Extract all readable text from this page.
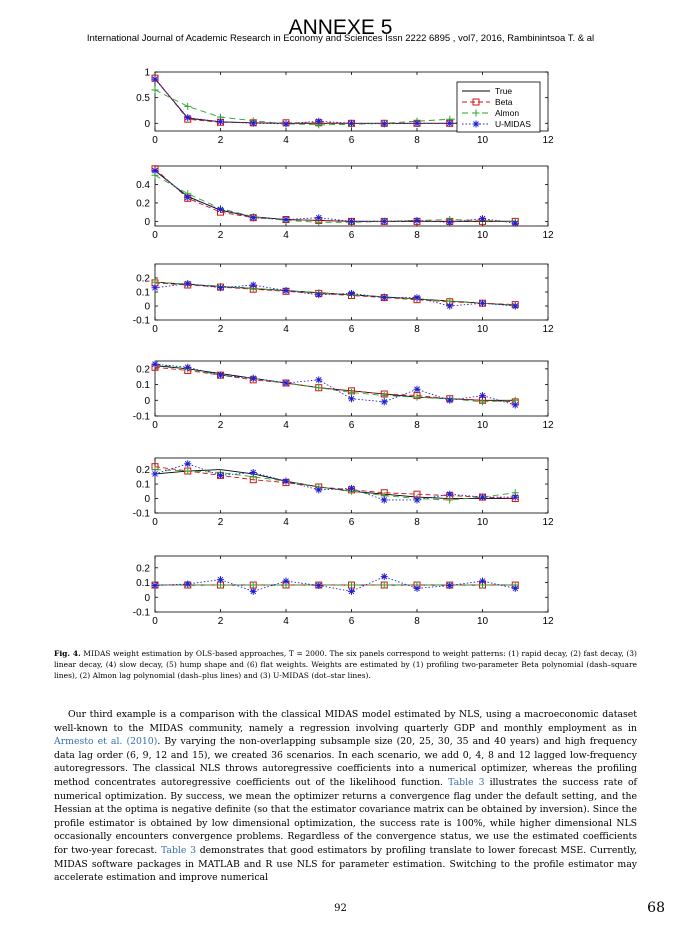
ANNEXE 5
International Journal of Academic Research in Economy and Sciences Issn 2222 6895 , vol7, 2016, Rambinintsoa T. & al
0	2	4	6	8	10	12
0
0.5
1
True
Beta
Almon
U-MIDAS
0	2	4	6	8	10	12
0
0.2
0.4
0	2	4	6	8	10	12
-0.1
0
0.1
0.2
0	2	4	6	8	10	12
-0.1
0
0.1
0.2
0	2	4	6	8	10	12
-0.1
0
0.1
0.2
0	2	4	6	8	10	12
-0.1
0
0.1
0.2
Fig. 4. MIDAS weight estimation by OLS-based approaches, T = 2000. The six panels correspond to weight patterns: (1) rapid decay, (2) fast decay, (3) linear decay, (4) slow decay, (5) hump shape and (6) flat weights. Weights are estimated by (1) profiling two-parameter Beta polynomial (dash–square lines), (2) Almon lag polynomial (dash–plus lines) and (3) U-MIDAS (dot–star lines).

Our third example is a comparison with the classical MIDAS model estimated by NLS, using a macroeconomic dataset well-known to the MIDAS community, namely a regression involving quarterly GDP and monthly employment as in Armesto et al. (2010). By varying the non-overlapping subsample size (20, 25, 30, 35 and 40 years) and high frequency data lag order (6, 9, 12 and 15), we created 36 scenarios. In each scenario, we add 0, 4, 8 and 12 lagged low-frequency autoregressors. The classical NLS throws autoregressive coefficients into a numerical optimizer, whereas the profiling method concentrates autoregressive coefficients out of the likelihood function. Table 3 illustrates the success rate of numerical optimization. By success, we mean the optimizer returns a convergence flag under the default setting, and the Hessian at the optima is negative definite (so that the estimator covariance matrix can be obtained by inversion). Since the profile estimator is obtained by low dimensional optimization, the success rate is 100%, while higher dimensional NLS occasionally encounters convergence problems. Regardless of the convergence status, we use the estimated coefficients for two-year forecast. Table 3 demonstrates that good estimators by profiling translate to lower forecast MSE. Currently, MIDAS software packages in MATLAB and R use NLS for parameter estimation. Switching to the profile estimator may accelerate estimation and improve numerical

92	68
